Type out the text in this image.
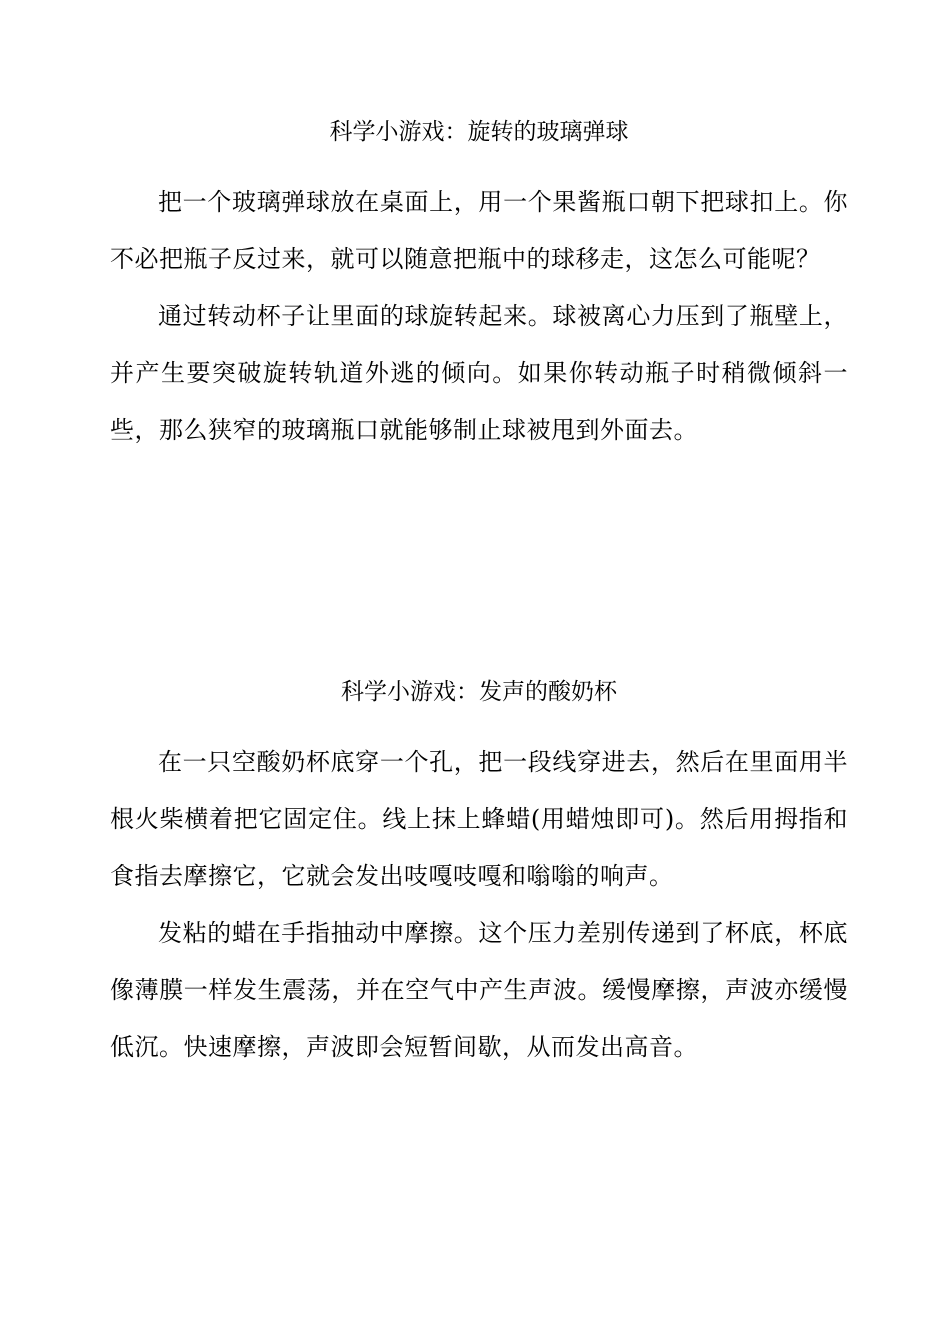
科学小游戏：旋转的玻璃弹球

把一个玻璃弹球放在桌面上，用一个果酱瓶口朝下把球扣上。你不必把瓶子反过来，就可以随意把瓶中的球移走，这怎么可能呢？

通过转动杯子让里面的球旋转起来。球被离心力压到了瓶壁上，并产生要突破旋转轨道外逃的倾向。如果你转动瓶子时稍微倾斜一些，那么狭窄的玻璃瓶口就能够制止球被甩到外面去。

科学小游戏：发声的酸奶杯

在一只空酸奶杯底穿一个孔，把一段线穿进去，然后在里面用半根火柴横着把它固定住。线上抹上蜂蜡(用蜡烛即可)。然后用拇指和食指去摩擦它，它就会发出吱嘎吱嘎和嗡嗡的响声。

发粘的蜡在手指抽动中摩擦。这个压力差别传递到了杯底，杯底像薄膜一样发生震荡，并在空气中产生声波。缓慢摩擦，声波亦缓慢低沉。快速摩擦，声波即会短暂间歇，从而发出高音。
